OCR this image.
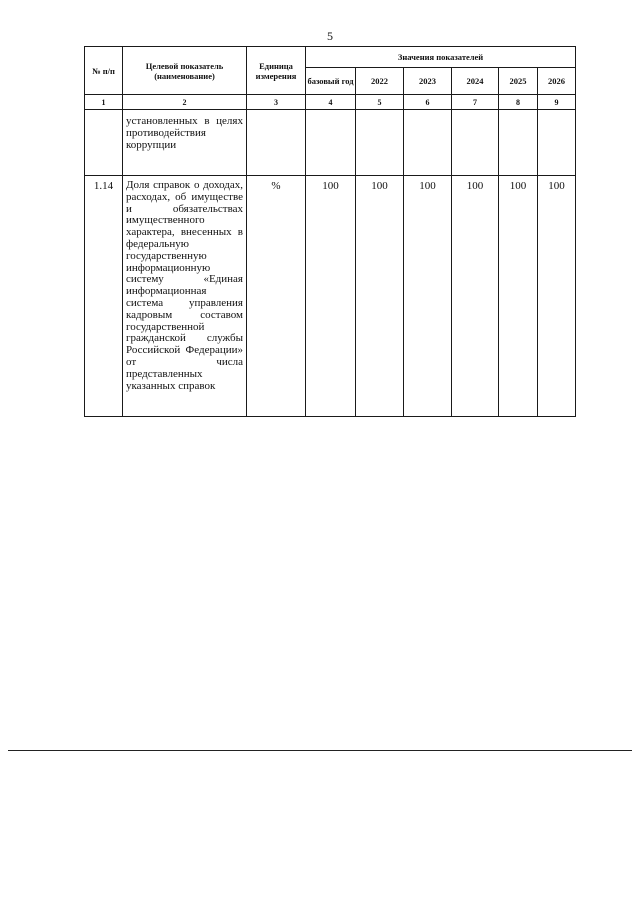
5
№ п/п	Целевой показатель (наименование)	Единица измерения	Значения показателей					
			базовый год	2022	2023	2024	2025	2026
1	2	3	4	5	6	7	8	9
	установленных в целях противодействия коррупции							
1.14	Доля справок о доходах, расходах, об имуществе и обязательствах имущественного характера, внесенных в федеральную государственную информационную систему «Единая информационная система управления кадровым составом государственной гражданской службы Российской Федерации» от числа представленных указанных справок	%	100	100	100	100	100	100
